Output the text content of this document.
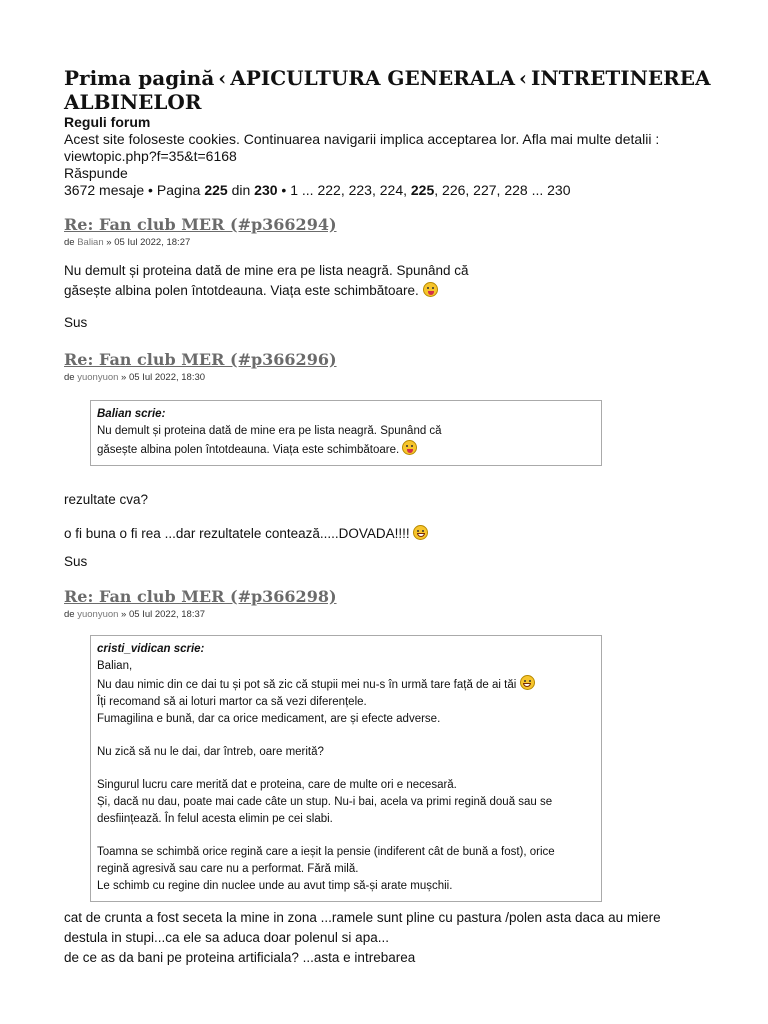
Prima pagină ‹ APICULTURA GENERALA ‹ INTRETINEREA ALBINELOR

Reguli forum

Acest site foloseste cookies. Continuarea navigarii implica acceptarea lor. Afla mai multe detalii :

viewtopic.php?f=35&t=6168

Răspunde

3672 mesaje • Pagina 225 din 230 • 1 ... 222, 223, 224, 225, 226, 227, 228 ... 230

Re: Fan club MER (#p366294)

de Balian » 05 Iul 2022, 18:27

Nu demult și proteina dată de mine era pe lista neagră. Spunând că

găsește albina polen întotdeauna. Viața este schimbătoare.

Sus

Re: Fan club MER (#p366296)

de yuonyuon » 05 Iul 2022, 18:30

Balian scrie:

Nu demult și proteina dată de mine era pe lista neagră. Spunând că

găsește albina polen întotdeauna. Viața este schimbătoare.

rezultate cva?

o fi buna o fi rea ...dar rezultatele contează.....DOVADA!!!!

Sus

Re: Fan club MER (#p366298)

de yuonyuon » 05 Iul 2022, 18:37

cristi_vidican scrie:

Balian,

Nu dau nimic din ce dai tu și pot să zic că stupii mei nu-s în urmă tare față de ai tăi

Îți recomand să ai loturi martor ca să vezi diferențele.

Fumagilina e bună, dar ca orice medicament, are și efecte adverse.

Nu zică să nu le dai, dar întreb, oare merită?

Singurul lucru care merită dat e proteina, care de multe ori e necesară.

Și, dacă nu dau, poate mai cade câte un stup. Nu-i bai, acela va primi regină două sau se

desființează. În felul acesta elimin pe cei slabi.

Toamna se schimbă orice regină care a ieșit la pensie (indiferent cât de bună a fost), orice

regină agresivă sau care nu a performat. Fără milă.

Le schimb cu regine din nuclee unde au avut timp să-și arate mușchii.

cat de crunta a fost seceta la mine in zona ...ramele sunt pline cu pastura /polen asta daca au miere

destula in stupi...ca ele sa aduca doar polenul si apa...

de ce as da bani pe proteina artificiala? ...asta e intrebarea
